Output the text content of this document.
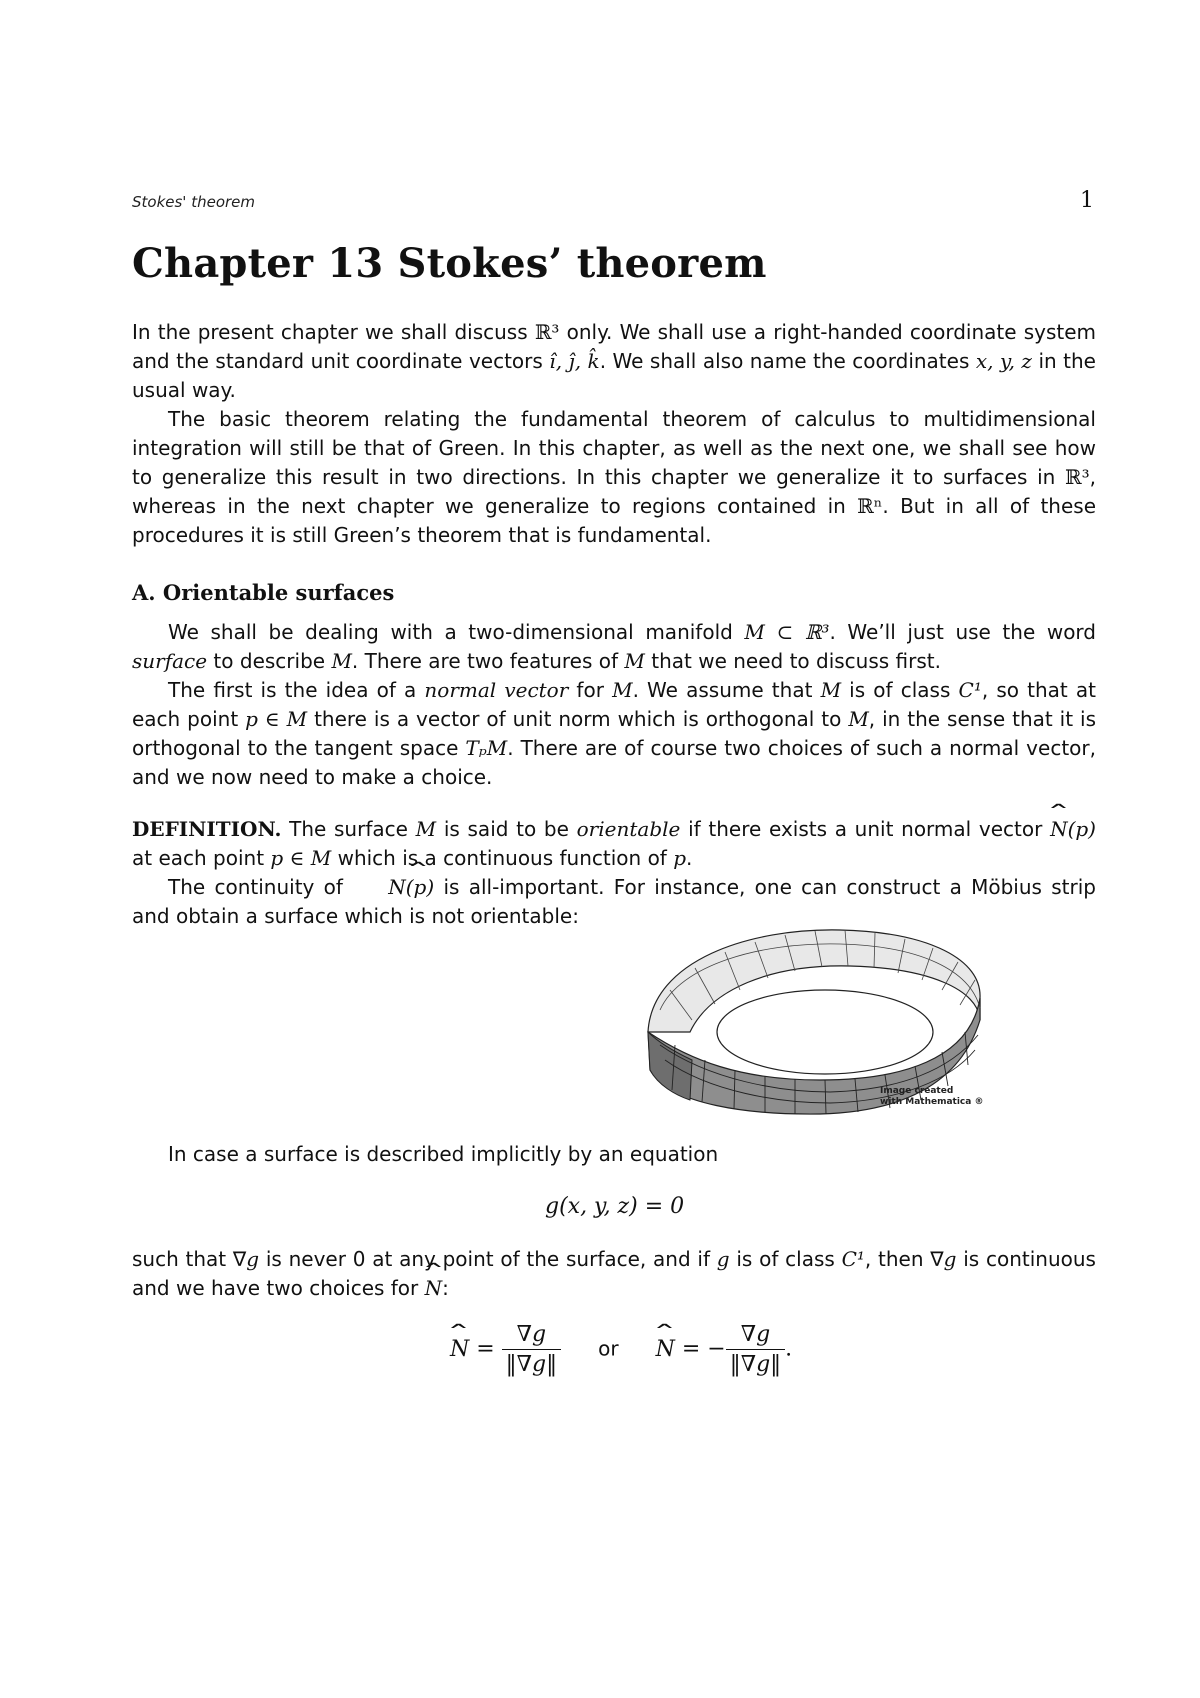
Stokes' theorem	1
Chapter 13 Stokes’ theorem

In the present chapter we shall discuss ℝ³ only. We shall use a right-handed coordinate system and the standard unit coordinate vectors ı̂, ȷ̂, k̂. We shall also name the coordinates x, y, z in the usual way.

The basic theorem relating the fundamental theorem of calculus to multidimensional integration will still be that of Green. In this chapter, as well as the next one, we shall see how to generalize this result in two directions. In this chapter we generalize it to surfaces in ℝ³, whereas in the next chapter we generalize to regions contained in ℝⁿ. But in all of these procedures it is still Green’s theorem that is fundamental.

A. Orientable surfaces

We shall be dealing with a two-dimensional manifold M ⊂ ℝ³. We’ll just use the word surface to describe M. There are two features of M that we need to discuss first.

The first is the idea of a normal vector for M. We assume that M is of class C¹, so that at each point p ∈ M there is a vector of unit norm which is orthogonal to M, in the sense that it is orthogonal to the tangent space TₚM. There are of course two choices of such a normal vector, and we now need to make a choice.

DEFINITION. The surface M is said to be orientable if there exists a unit normal vector ˆ N(p) at each point p ∈ M which is a continuous function of p.

The continuity of ˆ N(p) is all-important. For instance, one can construct a Möbius strip and obtain a surface which is not orientable:

Image created
with Mathematica ®

In case a surface is described implicitly by an equation

g(x, y, z) = 0

such that ∇g is never 0 at any point of the surface, and if g is of class C¹, then ∇g is continuous and we have two choices for ˆ N:

ˆ $N = \frac{\nabla g}{‖\nabla g‖}$ or ˆ N = − $\frac{\nabla g}{‖\nabla g‖}$ .
